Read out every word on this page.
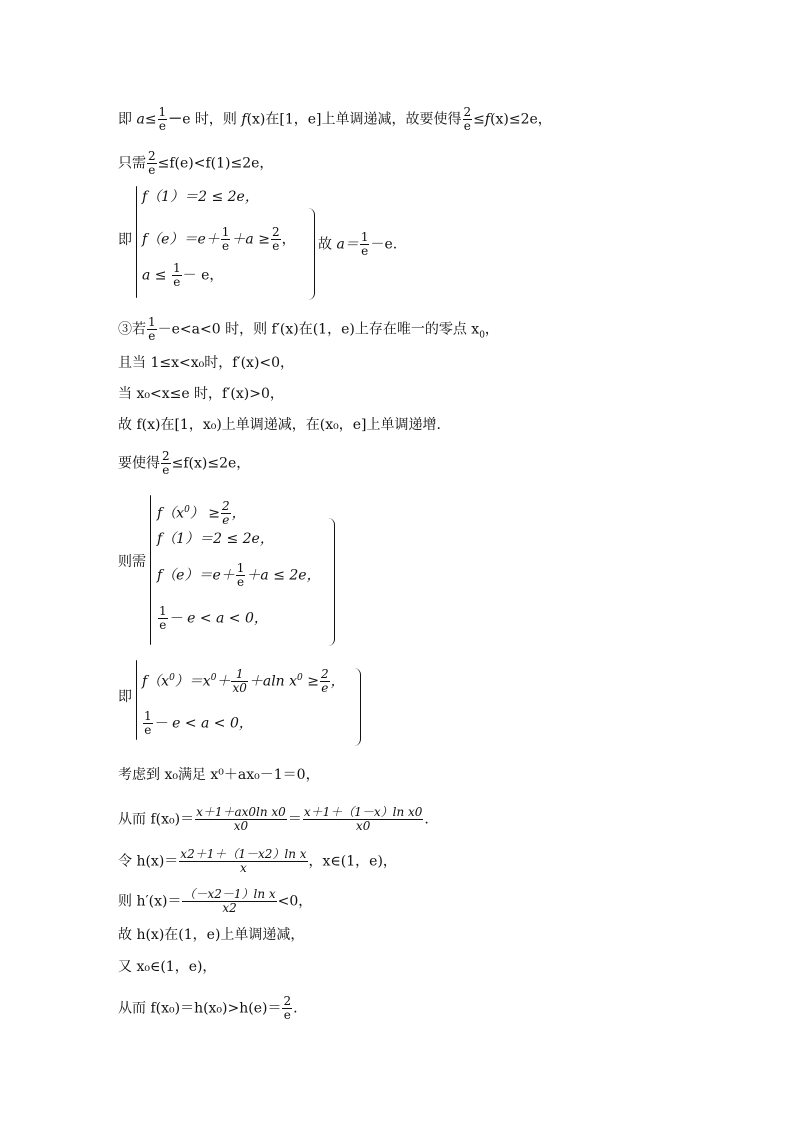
即 $a\le \frac{1}{e} -e$ 时，则 f(x)在[1，e]上单调递减，故要使得 $\frac{2}{e} \le f(x)\le 2e$，
只需 $\frac{2}{e} \le f(e)<f(1)\le 2e$，
即
f（1）＝2 ≤ 2e，
$f(e)=e+ \frac{1}{e} +a \ge \frac{2}{e}$ ，
$a \le \frac{1}{e} - e$，
故 $a= \frac{1}{e} -e$.
③若 $\frac{1}{e} -e<a<0$ 时，则 f′(x)在(1，e)上存在唯一的零点 $x_0$，
且当 1≤x<x₀时，f′(x)<0，
当 x₀<x≤e 时，f′(x)>0，
故 f(x)在[1，x₀)上单调递减，在(x₀，e]上单调递增.
要使得 $\frac{2}{e} \le f(x)\le 2e$，
则需
$f(x^0) \ge \frac{2}{e}$ ，
f（1）＝2 ≤ 2e，
$f(e)=e+ \frac{1}{e} +a \le 2e$，
$\frac{1}{e} - e < a < 0$，
即
$f(x^0)=x^0+ \frac{1}{x0} +aln$ $x^0 \ge \frac{2}{e}$ ，
$\frac{1}{e} - e < a < 0$，
考虑到 x₀满足 x⁰＋ax₀－1＝0，
从而 $f(x_0)= \frac{\text{x＋1＋ax0ln x0}}{x0} = \frac{\text{x＋1＋（1－x）ln x0}}{x0}$ .
令 $h(x)= \frac{\text{x2＋1＋（1－x2）ln x}}{x}$ ，x∈(1，e)，
则 $h'(x)= \frac{\text{（－x2－1）ln x}}{x2} <0$，
故 h(x)在(1，e)上单调递减，
又 x₀∈(1，e)，
从而 $f(x_0)=h(x_0)>h(e)= \frac{2}{e}$ .
